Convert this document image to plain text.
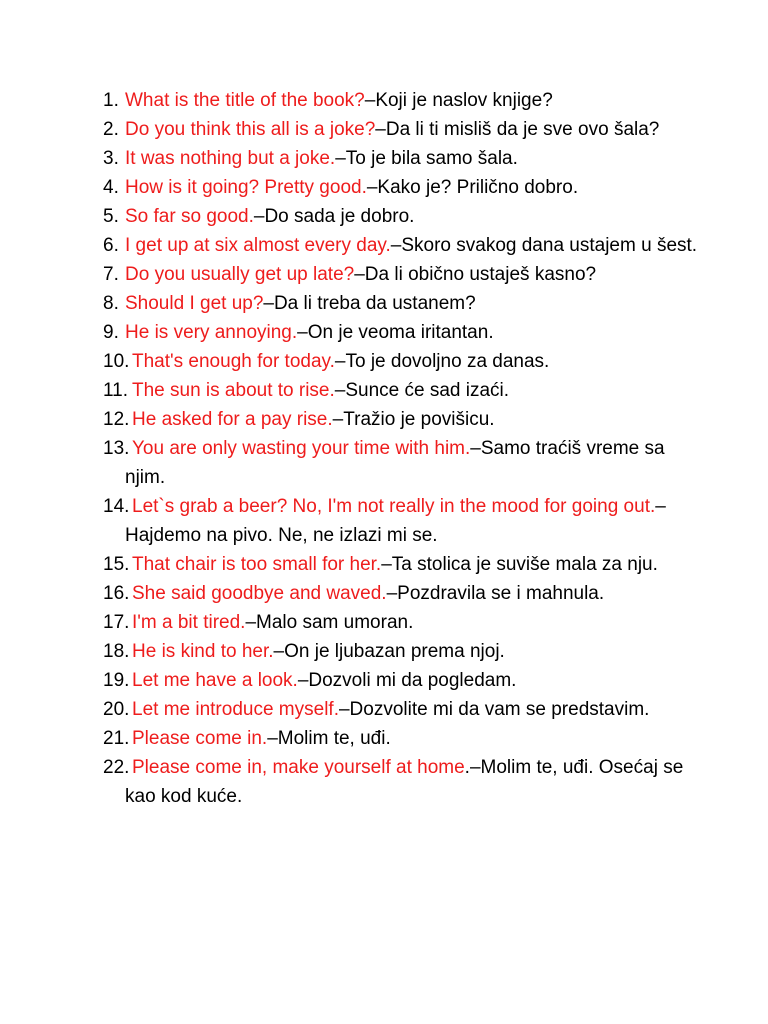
1. What is the title of the book?–Koji je naslov knjige?
2. Do you think this all is a joke?–Da li ti misliš da je sve ovo šala?
3. It was nothing but a joke.–To je bila samo šala.
4. How is it going? Pretty good.–Kako je? Prilično dobro.
5. So far so good.–Do sada je dobro.
6. I get up at six almost every day.–Skoro svakog dana ustajem u šest.
7. Do you usually get up late?–Da li obično ustaješ kasno?
8. Should I get up?–Da li treba da ustanem?
9. He is very annoying.–On je veoma iritantan.
10. That's enough for today.–To je dovoljno za danas.
11. The sun is about to rise.–Sunce će sad izaći.
12. He asked for a pay rise.–Tražio je povišicu.
13. You are only wasting your time with him.–Samo traćiš vreme sa njim.
14. Let`s grab a beer? No, I'm not really in the mood for going out.–Hajdemo na pivo. Ne, ne izlazi mi se.
15. That chair is too small for her.–Ta stolica je suviše mala za nju.
16. She said goodbye and waved.–Pozdravila se i mahnula.
17. I'm a bit tired.–Malo sam umoran.
18. He is kind to her.–On je ljubazan prema njoj.
19. Let me have a look.–Dozvoli mi da pogledam.
20. Let me introduce myself.–Dozvolite mi da vam se predstavim.
21. Please come in.–Molim te, uđi.
22. Please come in, make yourself at home.–Molim te, uđi. Osećaj se kao kod kuće.
